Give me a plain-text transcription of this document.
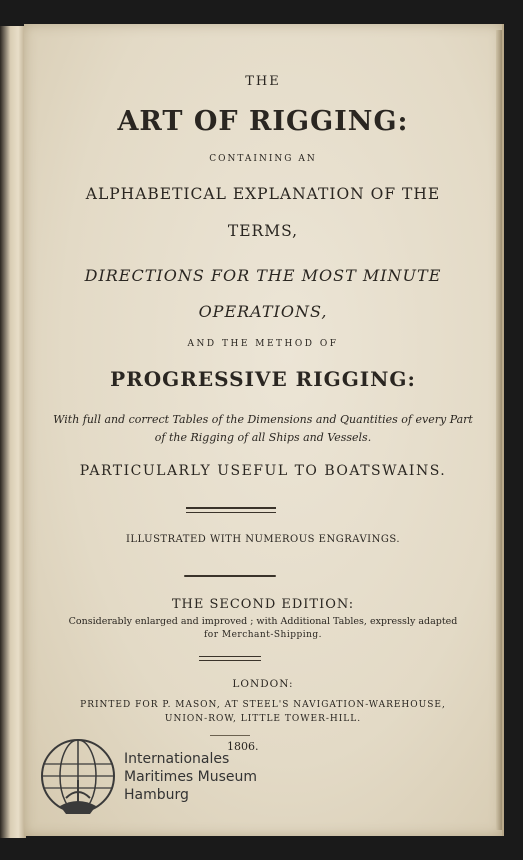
THE
ART OF RIGGING:
CONTAINING AN
ALPHABETICAL EXPLANATION OF THE
TERMS,
DIRECTIONS FOR THE MOST MINUTE
OPERATIONS,
AND THE METHOD OF
PROGRESSIVE RIGGING:
With full and correct Tables of the Dimensions and Quantities of every Part
of the Rigging of all Ships and Vessels.
PARTICULARLY USEFUL TO BOATSWAINS.
ILLUSTRATED WITH NUMEROUS ENGRAVINGS.
THE SECOND EDITION:
Considerably enlarged and improved ; with Additional Tables, expressly adapted
for Merchant-Shipping.
LONDON:
PRINTED FOR P. MASON, AT STEEL'S NAVIGATION-WAREHOUSE,
UNION-ROW, LITTLE TOWER-HILL.
1806.
Internationales
Maritimes Museum
Hamburg
